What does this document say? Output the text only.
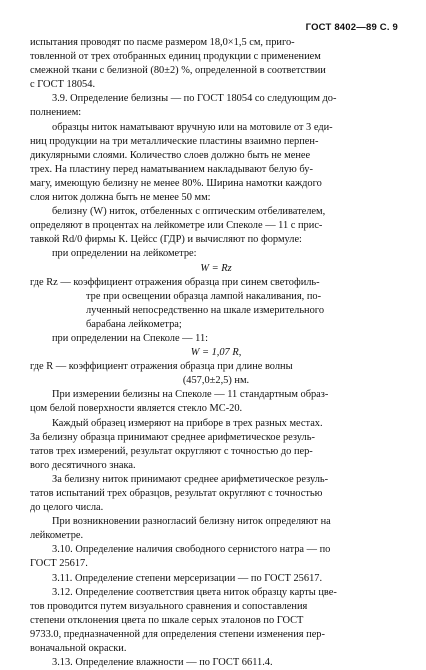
ГОСТ 8402—89 С. 9

испытания проводят по пасме размером 18,0×1,5 см, приго-

товленной от трех отобранных единиц продукции с применением

смежной ткани с белизной (80±2) %, определенной в соответствии

с ГОСТ 18054.

3.9. Определение белизны — по ГОСТ 18054 со следующим до-

полнением:

образцы ниток наматывают вручную или на мотовиле от 3 еди-

ниц продукции на три металлические пластины взаимно перпен-

дикулярными слоями. Количество слоев должно быть не менее

трех. На пластину перед наматыванием накладывают белую бу-

магу, имеющую белизну не менее 80%. Ширина намотки каждого

слоя ниток должна быть не менее 50 мм:

белизну (W) ниток, отбеленных с оптическим отбеливателем,

определяют в процентах на лейкометре или Спеколе — 11 с прис-

тавкой Rd/0 фирмы К. Цейсс (ГДР) и вычисляют по формуле:

при определении на лейкометре:

W = Rz

где Rz — коэффициент отражения образца при синем светофиль-

тре при освещении образца лампой накаливания, по-

лученный непосредственно на шкале измерительного

барабана лейкометра;

при определении на Спеколе — 11:

W = 1,07 R,

где R — коэффициент отражения образца при длине волны

(457,0±2,5) нм.

При измерении белизны на Спеколе — 11 стандартным образ-

цом белой поверхности является стекло МС-20.

Каждый образец измеряют на приборе в трех разных местах.

За белизну образца принимают среднее арифметическое резуль-

татов трех измерений, результат округляют с точностью до пер-

вого десятичного знака.

За белизну ниток принимают среднее арифметическое резуль-

татов испытаний трех образцов, результат округляют с точностью

до целого числа.

При возникновении разногласий белизну ниток определяют на

лейкометре.

3.10. Определение наличия свободного сернистого натра — по

ГОСТ 25617.

3.11. Определение степени мерсеризации — по ГОСТ 25617.

3.12. Определение соответствия цвета ниток образцу карты цве-

тов проводится путем визуального сравнения и сопоставления

степени отклонения цвета по шкале серых эталонов по ГОСТ

9733.0, предназначенной для определения степени изменения пер-

воначальной окраски.

3.13. Определение влажности — по ГОСТ 6611.4.
